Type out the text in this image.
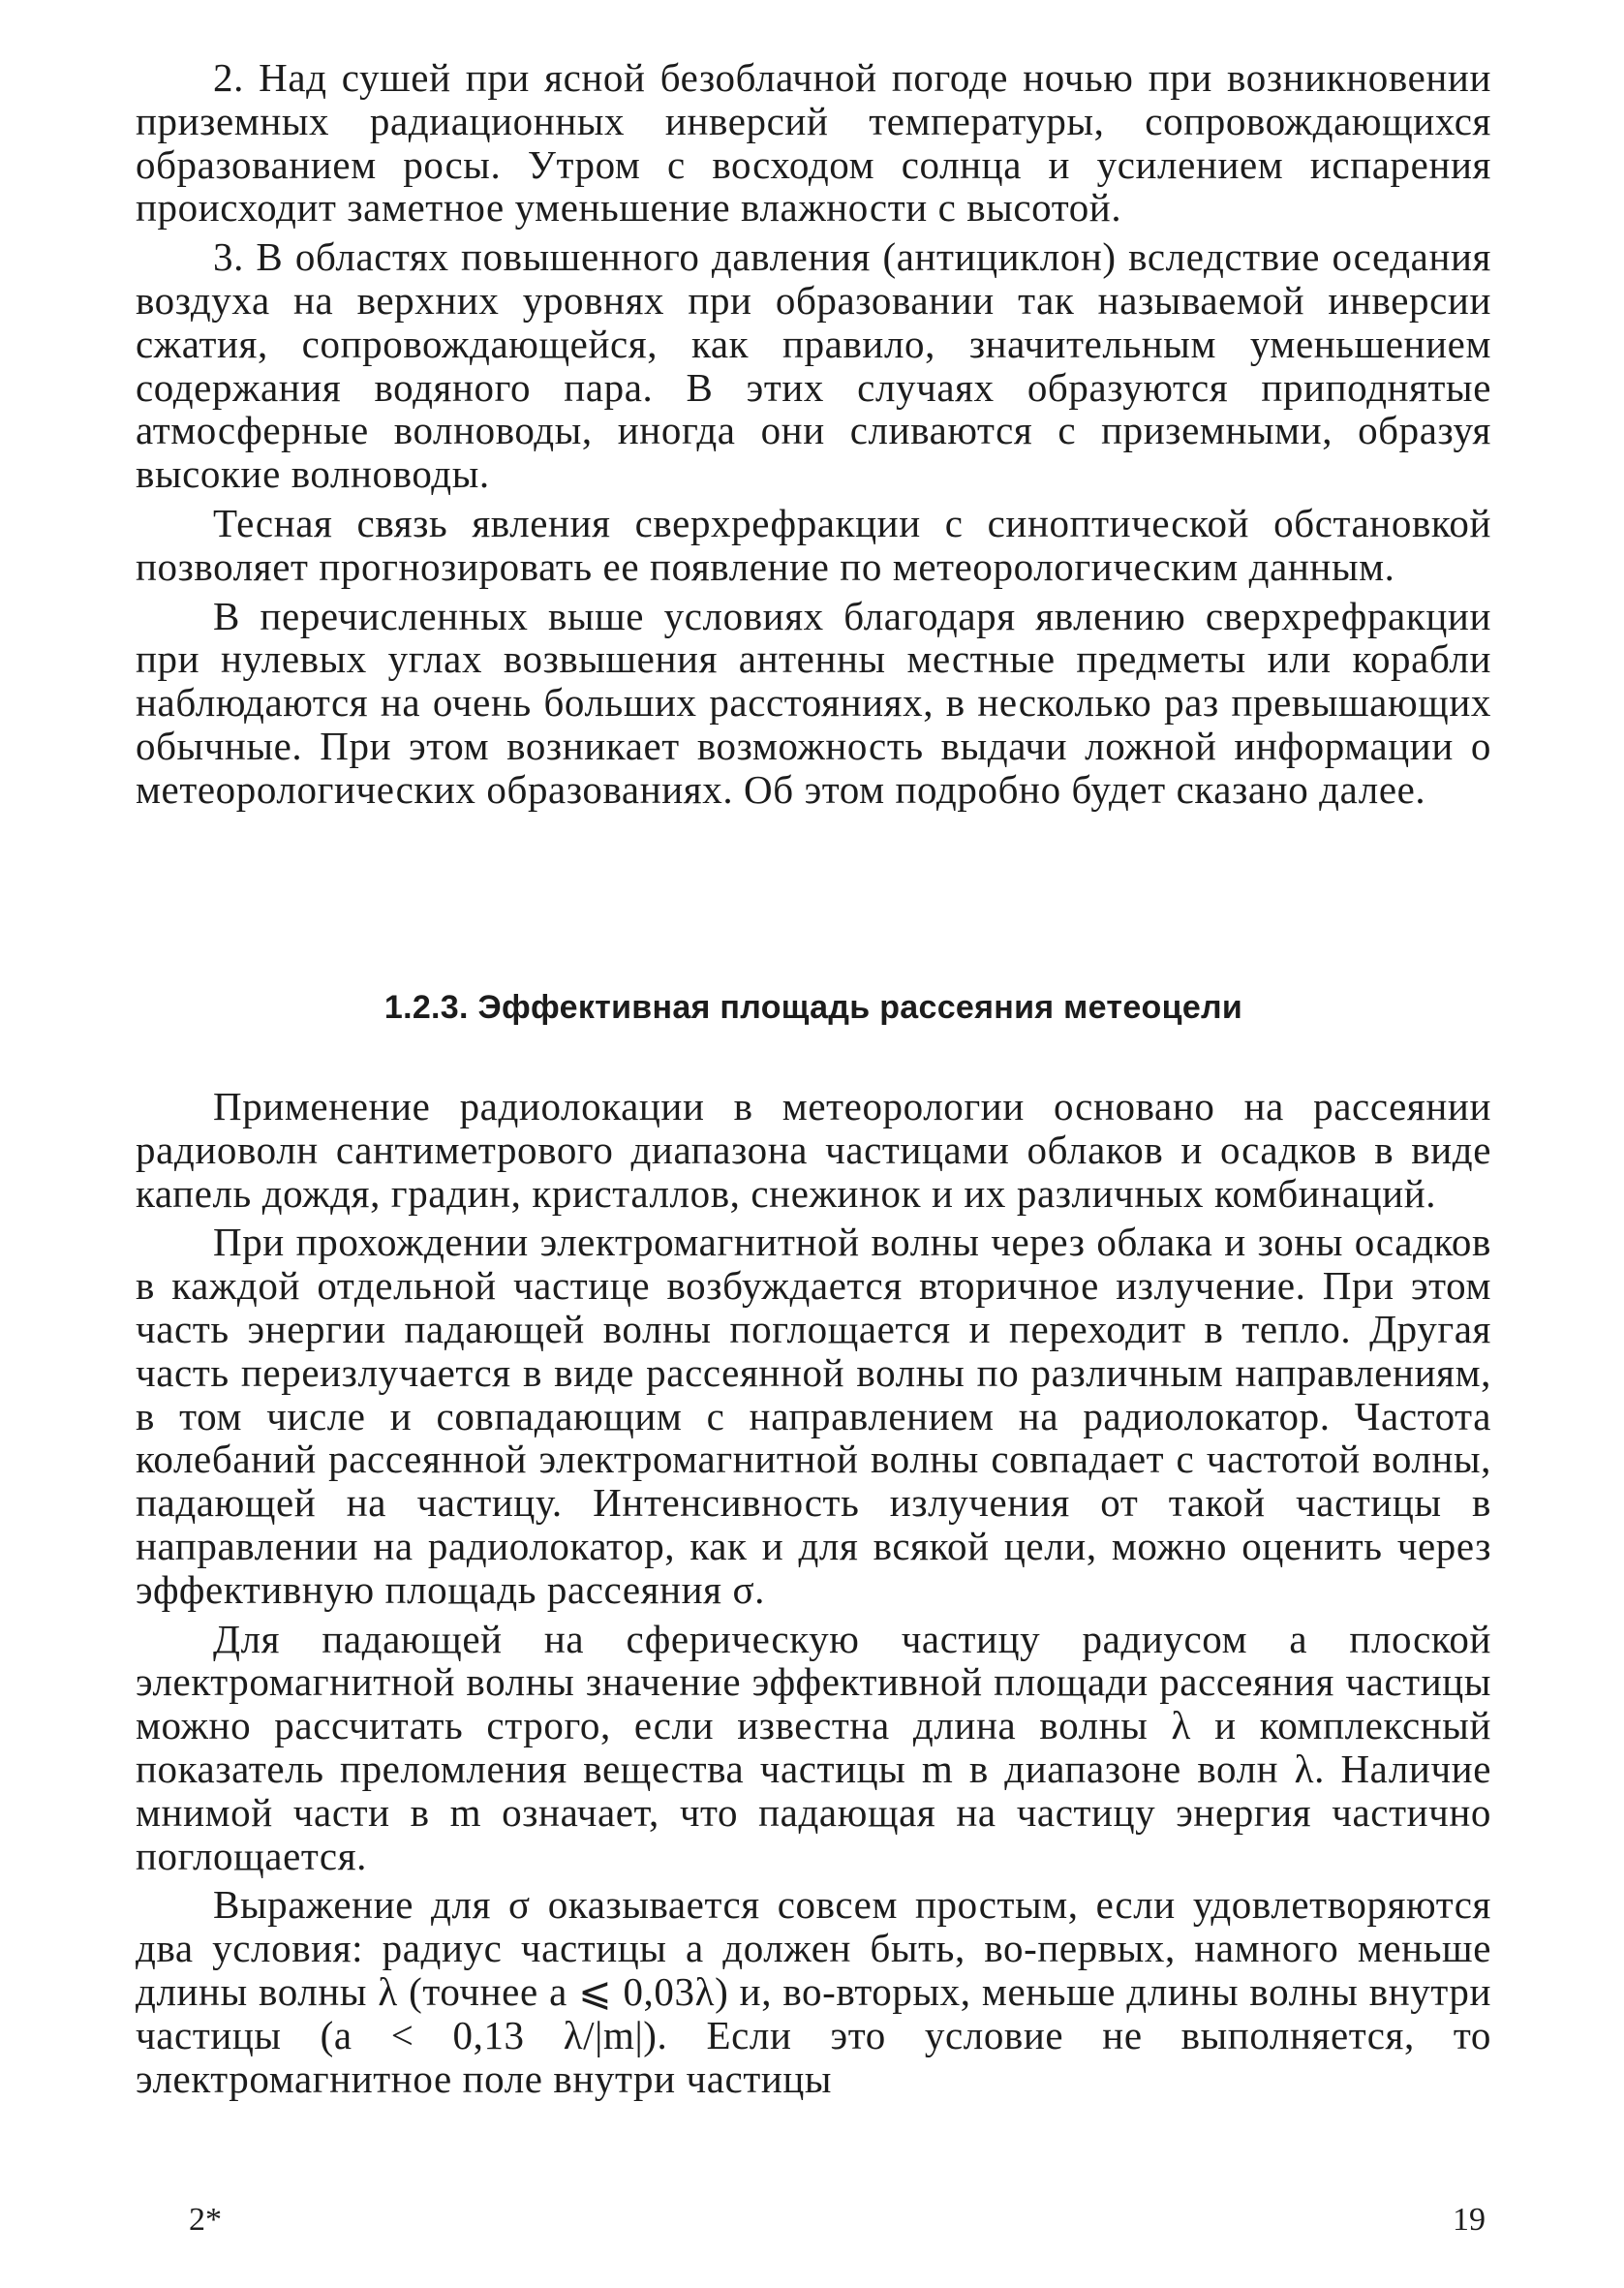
2. Над сушей при ясной безоблачной погоде ночью при возникновении приземных радиационных инверсий температуры, сопровождающихся образованием росы. Утром с восходом солнца и усилением испарения происходит заметное уменьшение влажности с высотой.

3. В областях повышенного давления (антициклон) вследствие оседания воздуха на верхних уровнях при образовании так называемой инверсии сжатия, сопровождающейся, как правило, значительным уменьшением содержания водяного пара. В этих случаях образуются приподнятые атмосферные волноводы, иногда они сливаются с приземными, образуя высокие волноводы.

Тесная связь явления сверхрефракции с синоптической обстановкой позволяет прогнозировать ее появление по метеорологическим данным.

В перечисленных выше условиях благодаря явлению сверхрефракции при нулевых углах возвышения антенны местные предметы или корабли наблюдаются на очень больших расстояниях, в несколько раз превышающих обычные. При этом возникает возможность выдачи ложной информации о метеорологических образованиях. Об этом подробно будет сказано далее.

1.2.3. Эффективная площадь рассеяния метеоцели

Применение радиолокации в метеорологии основано на рассеянии радиоволн сантиметрового диапазона частицами облаков и осадков в виде капель дождя, градин, кристаллов, снежинок и их различных комбинаций.

При прохождении электромагнитной волны через облака и зоны осадков в каждой отдельной частице возбуждается вторичное излучение. При этом часть энергии падающей волны поглощается и переходит в тепло. Другая часть переизлучается в виде рассеянной волны по различным направлениям, в том числе и совпадающим с направлением на радиолокатор. Частота колебаний рассеянной электромагнитной волны совпадает с частотой волны, падающей на частицу. Интенсивность излучения от такой частицы в направлении на радиолокатор, как и для всякой цели, можно оценить через эффективную площадь рассеяния σ.

Для падающей на сферическую частицу радиусом a плоской электромагнитной волны значение эффективной площади рассеяния частицы можно рассчитать строго, если известна длина волны λ и комплексный показатель преломления вещества частицы m в диапазоне волн λ. Наличие мнимой части в m означает, что падающая на частицу энергия частично поглощается.

Выражение для σ оказывается совсем простым, если удовлетворяются два условия: радиус частицы a должен быть, во-первых, намного меньше длины волны λ (точнее a ⩽ 0,03λ) и, во-вторых, меньше длины волны внутри частицы (a < 0,13 λ/|m|). Если это условие не выполняется, то электромагнитное поле внутри частицы

2*	19
